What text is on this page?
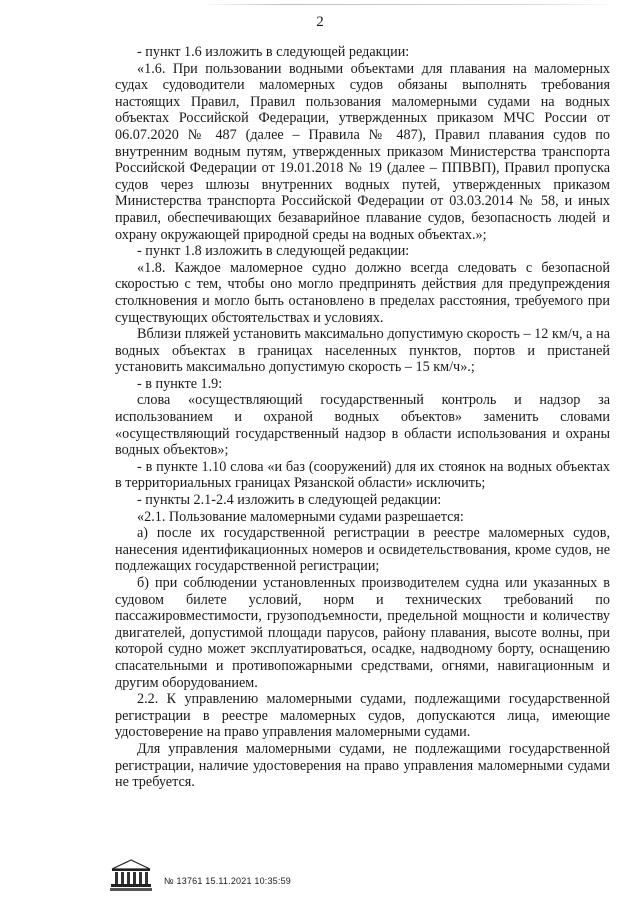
2

- пункт 1.6 изложить в следующей редакции:

«1.6. При пользовании водными объектами для плавания на маломерных судах судоводители маломерных судов обязаны выполнять требования настоящих Правил, Правил пользования маломерными судами на водных объектах Российской Федерации, утвержденных приказом МЧС России от 06.07.2020 № 487 (далее – Правила № 487), Правил плавания судов по внутренним водным путям, утвержденных приказом Министерства транспорта Российской Федерации от 19.01.2018 № 19 (далее – ППВВП), Правил пропуска судов через шлюзы внутренних водных путей, утвержденных приказом Министерства транспорта Российской Федерации от 03.03.2014 № 58, и иных правил, обеспечивающих безаварийное плавание судов, безопасность людей и охрану окружающей природной среды на водных объектах.»;

- пункт 1.8 изложить в следующей редакции:

«1.8. Каждое маломерное судно должно всегда следовать с безопасной скоростью с тем, чтобы оно могло предпринять действия для предупреждения столкновения и могло быть остановлено в пределах расстояния, требуемого при существующих обстоятельствах и условиях.

Вблизи пляжей установить максимально допустимую скорость – 12 км/ч, а на водных объектах в границах населенных пунктов, портов и пристаней установить максимально допустимую скорость – 15 км/ч».;

- в пункте 1.9:

слова «осуществляющий государственный контроль и надзор за использованием и охраной водных объектов» заменить словами «осуществляющий государственный надзор в области использования и охраны водных объектов»;

- в пункте 1.10 слова «и баз (сооружений) для их стоянок на водных объектах в территориальных границах Рязанской области» исключить;

- пункты 2.1-2.4 изложить в следующей редакции:

«2.1. Пользование маломерными судами разрешается:

а) после их государственной регистрации в реестре маломерных судов, нанесения идентификационных номеров и освидетельствования, кроме судов, не подлежащих государственной регистрации;

б) при соблюдении установленных производителем судна или указанных в судовом билете условий, норм и технических требований по пассажировместимости, грузоподъемности, предельной мощности и количеству двигателей, допустимой площади парусов, району плавания, высоте волны, при которой судно может эксплуатироваться, осадке, надводному борту, оснащению спасательными и противопожарными средствами, огнями, навигационным и другим оборудованием.

2.2. К управлению маломерными судами, подлежащими государственной регистрации в реестре маломерных судов, допускаются лица, имеющие удостоверение на право управления маломерными судами.

Для управления маломерными судами, не подлежащими государственной регистрации, наличие удостоверения на право управления маломерными судами не требуется.

№ 13761 15.11.2021 10:35:59
